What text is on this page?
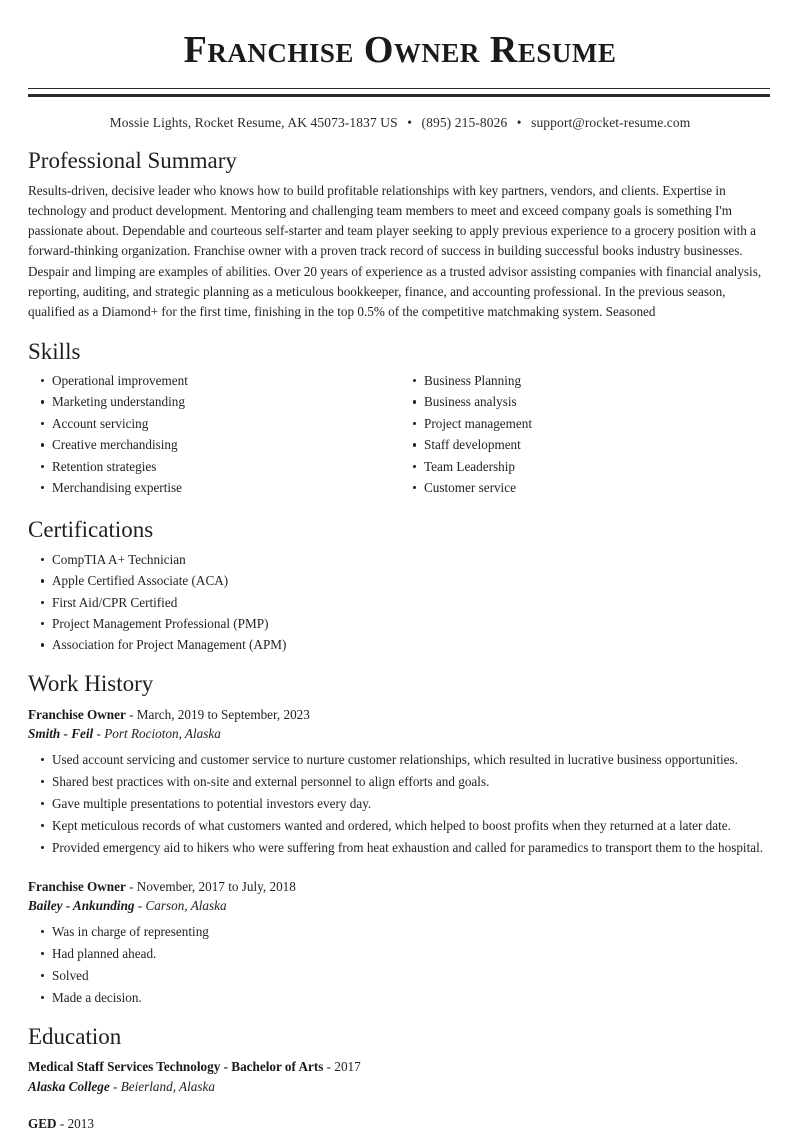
Franchise Owner Resume
Mossie Lights, Rocket Resume, AK 45073-1837 US • (895) 215-8026 • support@rocket-resume.com
Professional Summary

Results-driven, decisive leader who knows how to build profitable relationships with key partners, vendors, and clients. Expertise in technology and product development. Mentoring and challenging team members to meet and exceed company goals is something I'm passionate about. Dependable and courteous self-starter and team player seeking to apply previous experience to a grocery position with a forward-thinking organization. Franchise owner with a proven track record of success in building successful books industry businesses. Despair and limping are examples of abilities. Over 20 years of experience as a trusted advisor assisting companies with financial analysis, reporting, auditing, and strategic planning as a meticulous bookkeeper, finance, and accounting professional. In the previous season, qualified as a Diamond+ for the first time, finishing in the top 0.5% of the competitive matchmaking system. Seasoned

Skills
Operational improvement
Marketing understanding
Account servicing
Creative merchandising
Retention strategies
Merchandising expertise
Business Planning
Business analysis
Project management
Staff development
Team Leadership
Customer service
Certifications
CompTIA A+ Technician
Apple Certified Associate (ACA)
First Aid/CPR Certified
Project Management Professional (PMP)
Association for Project Management (APM)
Work History
Franchise Owner - March, 2019 to September, 2023
Smith - Feil - Port Rocioton, Alaska
Used account servicing and customer service to nurture customer relationships, which resulted in lucrative business opportunities.
Shared best practices with on-site and external personnel to align efforts and goals.
Gave multiple presentations to potential investors every day.
Kept meticulous records of what customers wanted and ordered, which helped to boost profits when they returned at a later date.
Provided emergency aid to hikers who were suffering from heat exhaustion and called for paramedics to transport them to the hospital.
Franchise Owner - November, 2017 to July, 2018
Bailey - Ankunding - Carson, Alaska
Was in charge of representing
Had planned ahead.
Solved
Made a decision.
Education
Medical Staff Services Technology - Bachelor of Arts - 2017
Alaska College - Beierland, Alaska
GED - 2013
